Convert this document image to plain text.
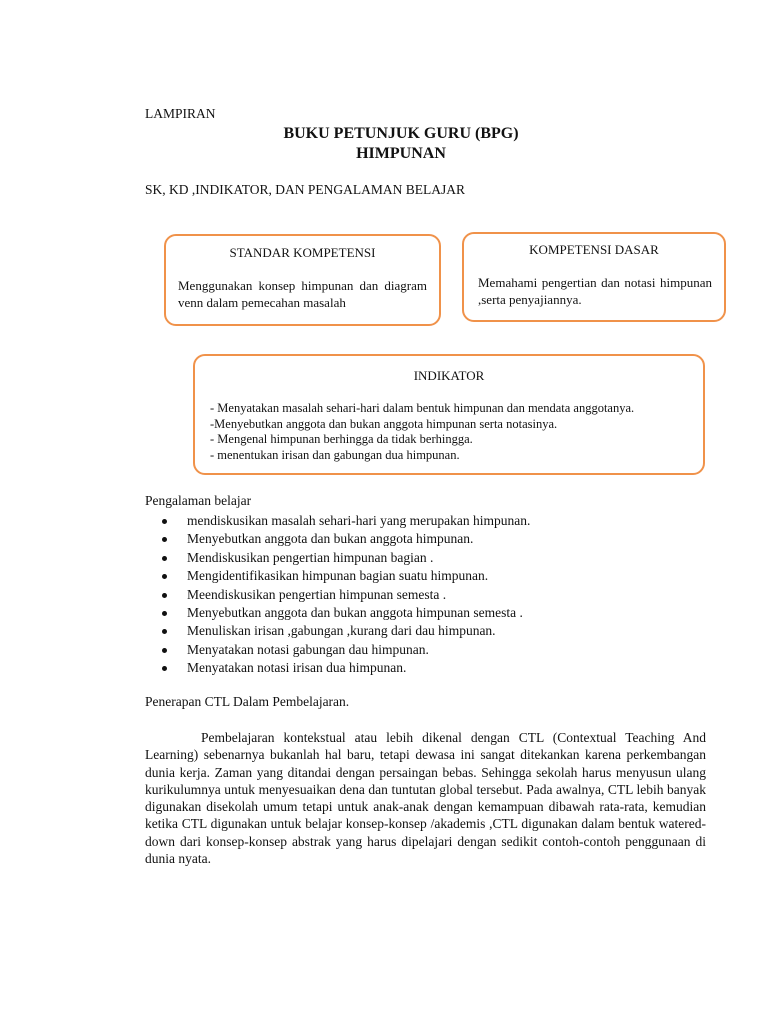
LAMPIRAN
BUKU PETUNJUK GURU (BPG)
HIMPUNAN
SK, KD ,INDIKATOR, DAN PENGALAMAN BELAJAR
STANDAR KOMPETENSI
Menggunakan konsep himpunan dan diagram venn dalam pemecahan masalah
KOMPETENSI DASAR
Memahami pengertian dan notasi himpunan ,serta penyajiannya.
INDIKATOR
- Menyatakan masalah sehari-hari dalam bentuk himpunan dan mendata anggotanya.
-Menyebutkan anggota dan bukan anggota himpunan serta notasinya.
- Mengenal himpunan berhingga da tidak berhingga.
- menentukan irisan dan gabungan dua himpunan.
Pengalaman belajar
mendiskusikan masalah sehari-hari yang merupakan himpunan.
Menyebutkan anggota dan bukan anggota himpunan.
Mendiskusikan pengertian himpunan bagian .
Mengidentifikasikan himpunan bagian suatu himpunan.
Meendiskusikan pengertian himpunan semesta .
Menyebutkan anggota dan bukan anggota himpunan semesta .
Menuliskan irisan ,gabungan ,kurang dari dau himpunan.
Menyatakan notasi gabungan dau himpunan.
Menyatakan notasi irisan dua himpunan.
Penerapan CTL Dalam Pembelajaran.
Pembelajaran kontekstual atau lebih dikenal dengan CTL (Contextual Teaching And Learning) sebenarnya bukanlah hal baru, tetapi dewasa ini sangat ditekankan karena perkembangan dunia kerja. Zaman yang ditandai dengan persaingan bebas. Sehingga sekolah harus menyusun ulang kurikulumnya untuk menyesuaikan dena dan tuntutan global tersebut. Pada awalnya, CTL lebih banyak digunakan disekolah umum tetapi untuk anak-anak dengan kemampuan dibawah rata-rata, kemudian ketika CTL digunakan untuk belajar konsep-konsep /akademis ,CTL digunakan dalam bentuk watered-down dari konsep-konsep abstrak yang harus dipelajari dengan sedikit contoh-contoh penggunaan di dunia nyata.
